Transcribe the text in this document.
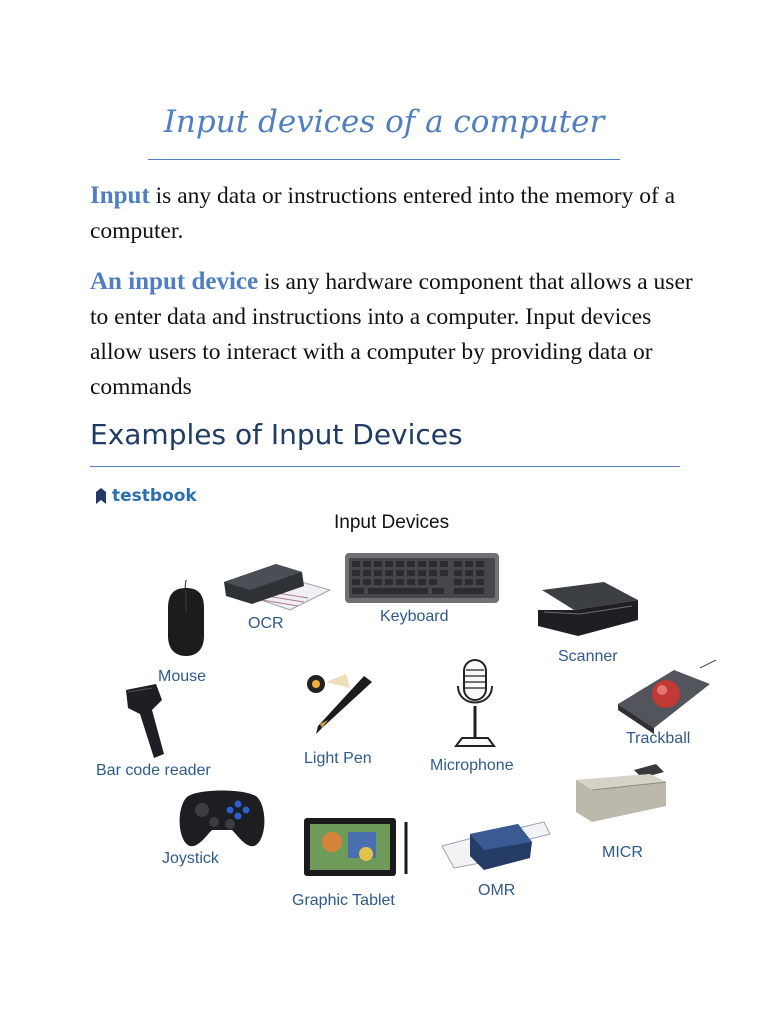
Input devices of a computer

Input is any data or instructions entered into the memory of a computer.

An input device is any hardware component that allows a user to enter data and instructions into a computer. Input devices allow users to interact with a computer by providing data or commands

Examples of Input Devices
testbook
Input Devices
Keyboard
OCR
Scanner
Mouse
Trackball
Light Pen	Microphone
Bar code reader
Joystick	MICR
Graphic Tablet
OMR
